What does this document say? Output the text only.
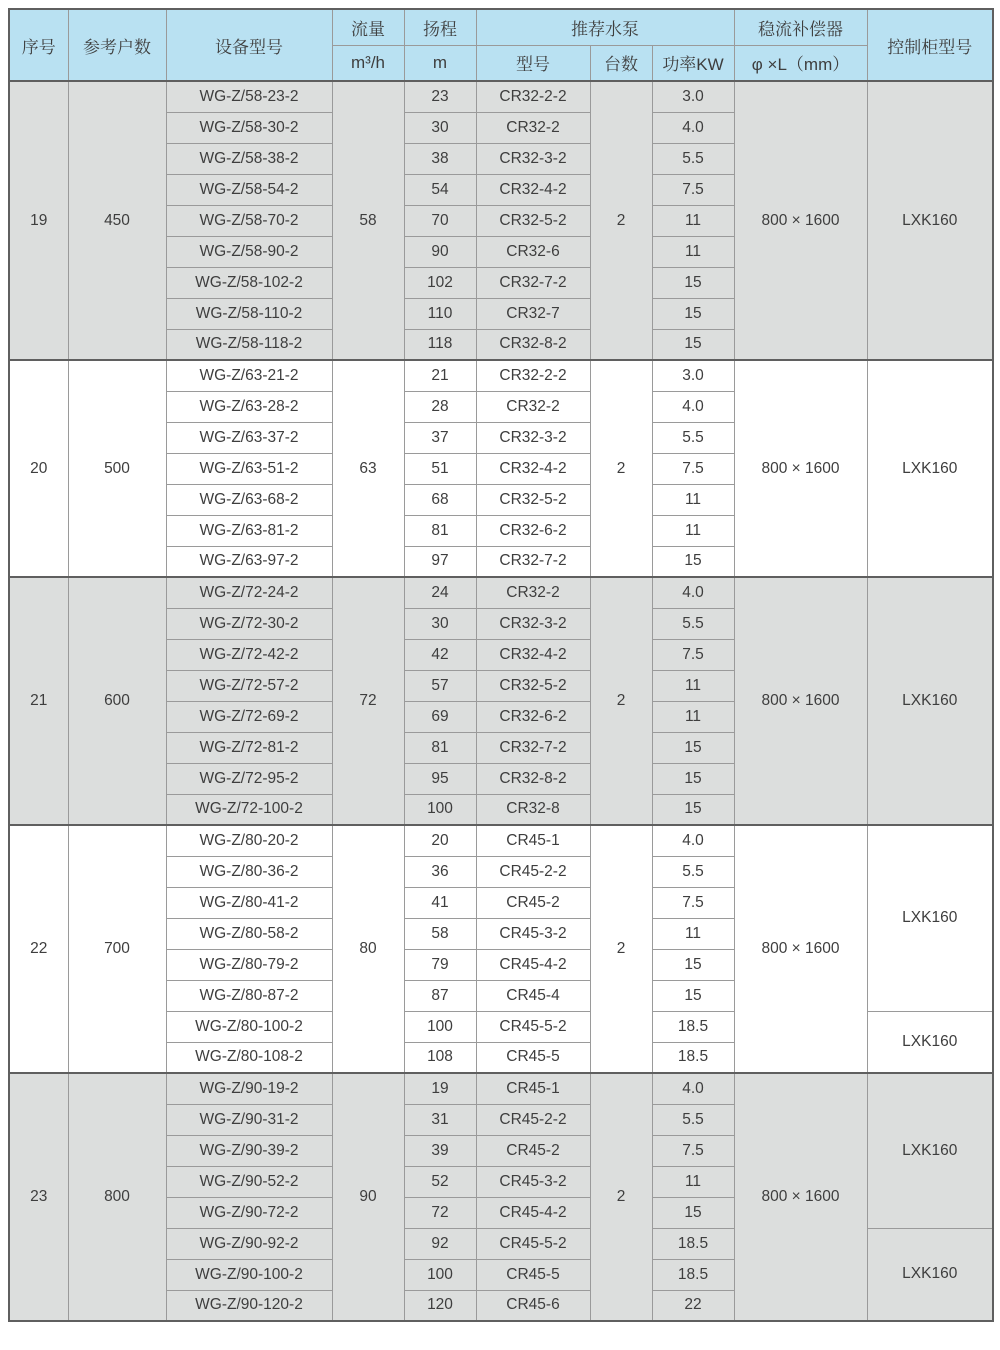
序号	参考户数	设备型号	流量	扬程	推荐水泵			稳流补偿器	控制柜型号
			m³/h	m	型号	台数	功率KW	φ ×L（mm）	
19	450	WG-Z/58-23-2	58	23	CR32-2-2	2	3.0	800 × 1600	LXK160
		WG-Z/58-30-2		30	CR32-2		4.0		
		WG-Z/58-38-2		38	CR32-3-2		5.5		
		WG-Z/58-54-2		54	CR32-4-2		7.5		
		WG-Z/58-70-2		70	CR32-5-2		11		
		WG-Z/58-90-2		90	CR32-6		11		
		WG-Z/58-102-2		102	CR32-7-2		15		
		WG-Z/58-110-2		110	CR32-7		15		
		WG-Z/58-118-2		118	CR32-8-2		15		
20	500	WG-Z/63-21-2	63	21	CR32-2-2	2	3.0	800 × 1600	LXK160
		WG-Z/63-28-2		28	CR32-2		4.0		
		WG-Z/63-37-2		37	CR32-3-2		5.5		
		WG-Z/63-51-2		51	CR32-4-2		7.5		
		WG-Z/63-68-2		68	CR32-5-2		11		
		WG-Z/63-81-2		81	CR32-6-2		11		
		WG-Z/63-97-2		97	CR32-7-2		15		
21	600	WG-Z/72-24-2	72	24	CR32-2	2	4.0	800 × 1600	LXK160
		WG-Z/72-30-2		30	CR32-3-2		5.5		
		WG-Z/72-42-2		42	CR32-4-2		7.5		
		WG-Z/72-57-2		57	CR32-5-2		11		
		WG-Z/72-69-2		69	CR32-6-2		11		
		WG-Z/72-81-2		81	CR32-7-2		15		
		WG-Z/72-95-2		95	CR32-8-2		15		
		WG-Z/72-100-2		100	CR32-8		15		
22	700	WG-Z/80-20-2	80	20	CR45-1	2	4.0	800 × 1600	LXK160
		WG-Z/80-36-2		36	CR45-2-2		5.5		
		WG-Z/80-41-2		41	CR45-2		7.5		
		WG-Z/80-58-2		58	CR45-3-2		11		
		WG-Z/80-79-2		79	CR45-4-2		15		
		WG-Z/80-87-2		87	CR45-4		15		
		WG-Z/80-100-2		100	CR45-5-2		18.5		LXK160
		WG-Z/80-108-2		108	CR45-5		18.5		
23	800	WG-Z/90-19-2	90	19	CR45-1	2	4.0	800 × 1600	LXK160
		WG-Z/90-31-2		31	CR45-2-2		5.5		
		WG-Z/90-39-2		39	CR45-2		7.5		
		WG-Z/90-52-2		52	CR45-3-2		11		
		WG-Z/90-72-2		72	CR45-4-2		15		
		WG-Z/90-92-2		92	CR45-5-2		18.5		LXK160
		WG-Z/90-100-2		100	CR45-5		18.5		
		WG-Z/90-120-2		120	CR45-6		22		
